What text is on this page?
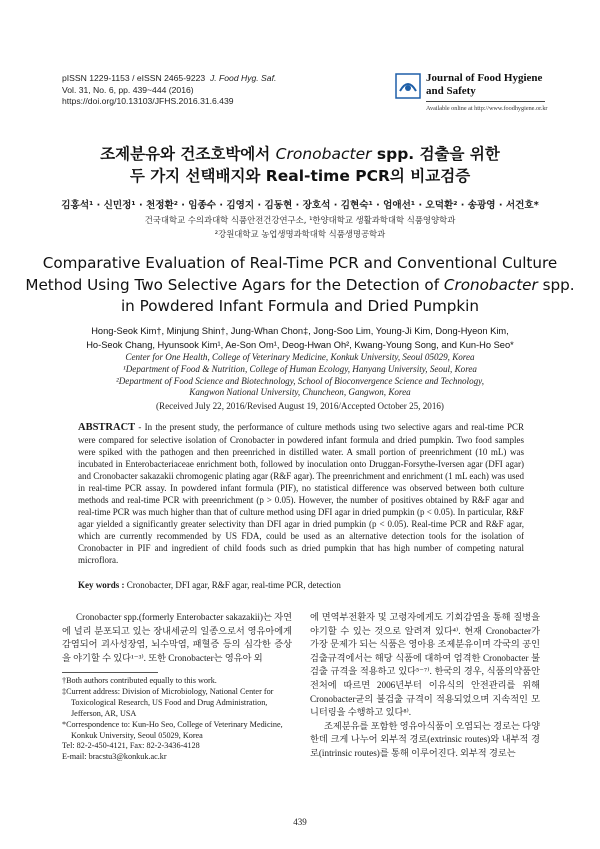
pISSN 1229-1153 / eISSN 2465-9223 J. Food Hyg. Saf.
Vol. 31, No. 6, pp. 439~444 (2016)
https://doi.org/10.13103/JFHS.2016.31.6.439
Journal of Food Hygiene
and Safety
Available online at http://www.foodhygiene.or.kr
조제분유와 건조호박에서 Cronobacter spp. 검출을 위한
두 가지 선택배지와 Real-time PCR의 비교검증
김홍석¹ · 신민정¹ · 천정환² · 임종수 · 김영지 · 김동현 · 장호석 · 김현숙¹ · 엄애선¹ · 오덕환² · 송광영 · 서건호*
건국대학교 수의과대학 식품안전건강연구소, ¹한양대학교 생활과학대학 식품영양학과
²강원대학교 농업생명과학대학 식품생명공학과
Comparative Evaluation of Real-Time PCR and Conventional Culture
Method Using Two Selective Agars for the Detection of Cronobacter spp.
in Powdered Infant Formula and Dried Pumpkin
Hong-Seok Kim†, Minjung Shin†, Jung-Whan Chon‡, Jong-Soo Lim, Young-Ji Kim, Dong-Hyeon Kim,
Ho-Seok Chang, Hyunsook Kim¹, Ae-Son Om¹, Deog-Hwan Oh², Kwang-Young Song, and Kun-Ho Seo*
Center for One Health, College of Veterinary Medicine, Konkuk University, Seoul 05029, Korea
¹Department of Food & Nutrition, College of Human Ecology, Hanyang University, Seoul, Korea
²Department of Food Science and Biotechnology, School of Bioconvergence Science and Technology,
Kangwon National University, Chuncheon, Gangwon, Korea
(Received July 22, 2016/Revised August 19, 2016/Accepted October 25, 2016)
ABSTRACT - In the present study, the performance of culture methods using two selective agars and real-time PCR were compared for selective isolation of Cronobacter in powdered infant formula and dried pumpkin. Two food samples were spiked with the pathogen and then preenriched in distilled water. A small portion of preenrichment (10 mL) was incubated in Enterobacteriaceae enrichment both, followed by inoculation onto Druggan-Forsythe-Iversen agar (DFI agar) and Cronobacter sakazakii chromogenic plating agar (R&F agar). The preenrichment and enrichment (1 mL each) was used in real-time PCR assay. In powdered infant formula (PIF), no statistical difference was observed between both culture methods and real-time PCR with preenrichment (p > 0.05). However, the number of positives obtained by R&F agar and real-time PCR was much higher than that of culture method using DFI agar in dried pumpkin (p < 0.05). In particular, R&F agar yielded a significantly greater selectivity than DFI agar in dried pumpkin (p < 0.05). Real-time PCR and R&F agar, which are currently recommended by US FDA, could be used as an alternative detection tools for the isolation of Cronobacter in PIF and ingredient of child foods such as dried pumpkin that has high number of competing natural microflora.
Key words : Cronobacter, DFI agar, R&F agar, real-time PCR, detection
Cronobacter spp.(formerly Enterobacter sakazakii)는 자연에 널리 분포되고 있는 장내세균의 일종으로서 영유아에게 감염되어 괴사성장염, 뇌수막염, 패혈증 등의 심각한 증상을 야기할 수 있다¹⁻³⁾. 또한 Cronobacter는 영유아 외

에 면역부전환자 및 고령자에게도 기회감염을 통해 질병을 야기할 수 있는 것으로 알려져 있다⁴⁾. 현재 Cronobacter가 가장 문제가 되는 식품은 영아용 조제분유이며 각국의 공인검출규격에서는 해당 식품에 대하여 엄격한 Cronobacter 불검출 규격을 적용하고 있다⁵⁻⁷⁾. 한국의 경우, 식품의약품안전처에 따르면 2006년부터 이유식의 안전관리를 위해 Cronobacter균의 불검출 규격이 적용되었으며 지속적인 모니터링을 수행하고 있다⁸⁾.

조제분유를 포함한 영유아식품이 오염되는 경로는 다양한데 크게 나누어 외부적 경로(extrinsic routes)와 내부적 경로(intrinsic routes)를 통해 이루어진다. 외부적 경로는

†Both authors contributed equally to this work.
‡Current address: Division of Microbiology, National Center for Toxicological Research, US Food and Drug Administration, Jefferson, AR, USA
*Correspondence to: Kun-Ho Seo, College of Veterinary Medicine, Konkuk University, Seoul 05029, Korea
Tel: 82-2-450-4121, Fax: 82-2-3436-4128
E-mail: bracstu3@konkuk.ac.kr
439
